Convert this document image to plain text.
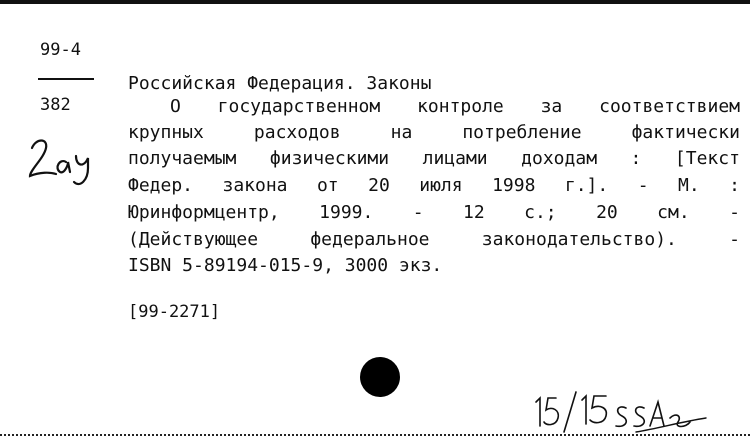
99-4
382
Российская Федерация. Законы
О государственном контроле за соответствием
крупных	расходов	на	потребление	фактически
получаемым физическими лицами доходам : [Текст
Федер. закона от 20 июля 1998 г.]. - М. :
Юринформцентр, 1999. - 12 с.; 20 см. -
(Действующее	федеральное	законодательство).	-
ISBN 5-89194-015-9, 3000 экз.
[99-2271]
